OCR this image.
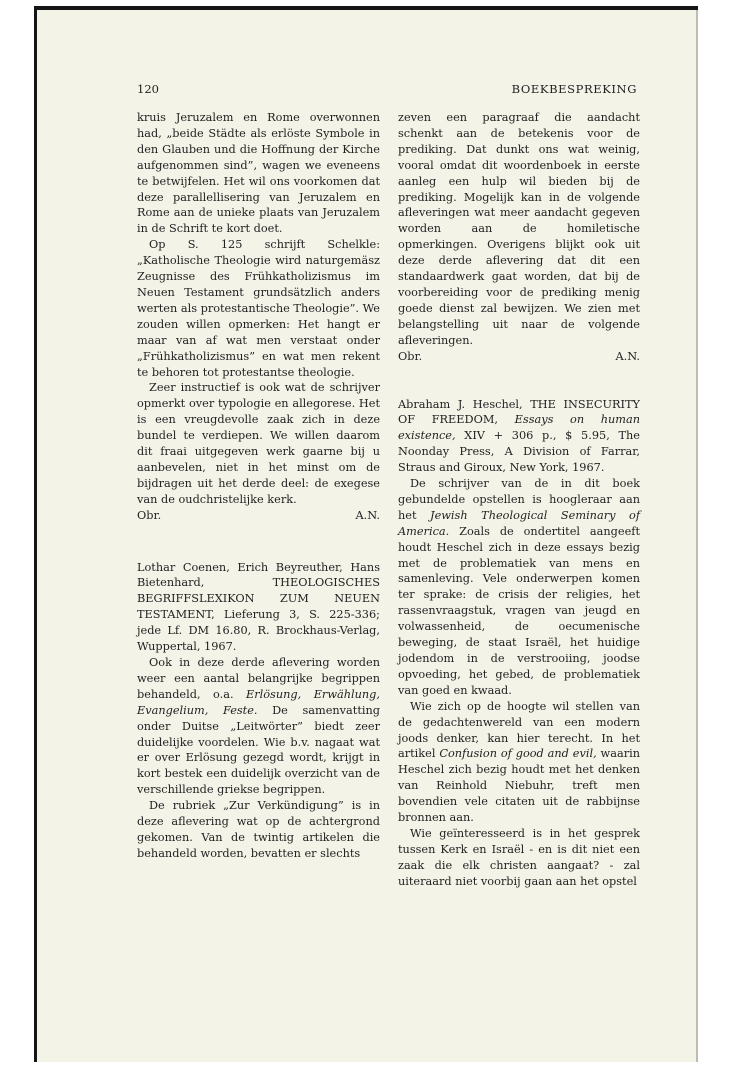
120	BOEKBESPREKING

kruis Jeruzalem en Rome overwonnen had, „beide Städte als erlöste Symbole in den Glauben und die Hoffnung der Kirche aufgenommen sind”, wagen we eveneens te betwijfelen. Het wil ons voorkomen dat deze parallellisering van Jeruzalem en Rome aan de unieke plaats van Jeruzalem in de Schrift te kort doet.

Op S. 125 schrijft Schelkle: „Katholische Theologie wird naturgemäsz Zeugnisse des Frühkatholizismus im Neuen Testament grundsätzlich anders werten als protestantische Theologie”. We zouden willen opmerken: Het hangt er maar van af wat men verstaat onder „Frühkatholizismus” en wat men rekent te behoren tot protestantse theologie.

Zeer instructief is ook wat de schrijver opmerkt over typologie en allegorese. Het is een vreugdevolle zaak zich in deze bundel te verdiepen. We willen daarom dit fraai uitgegeven werk gaarne bij u aanbevelen, niet in het minst om de bijdragen uit het derde deel: de exegese van de oudchristelijke kerk.

Obr.	A.N.

Lothar Coenen, Erich Beyreuther, Hans Bietenhard, THEOLOGISCHES BEGRIFFSLEXIKON ZUM NEUEN TESTAMENT, Lieferung 3, S. 225-336; jede Lf. DM 16.80, R. Brockhaus-Verlag, Wuppertal, 1967.

Ook in deze derde aflevering worden weer een aantal belangrijke begrippen behandeld, o.a. Erlösung, Erwählung, Evangelium, Feste. De samenvatting onder Duitse „Leitwörter” biedt zeer duidelijke voordelen. Wie b.v. nagaat wat er over Erlösung gezegd wordt, krijgt in kort bestek een duidelijk overzicht van de verschillende griekse begrippen.

De rubriek „Zur Verkündigung” is in deze aflevering wat op de achtergrond gekomen. Van de twintig artikelen die behandeld worden, bevatten er slechts

zeven een paragraaf die aandacht schenkt aan de betekenis voor de prediking. Dat dunkt ons wat weinig, vooral omdat dit woordenboek in eerste aanleg een hulp wil bieden bij de prediking. Mogelijk kan in de volgende afleveringen wat meer aandacht gegeven worden aan de homiletische opmerkingen. Overigens blijkt ook uit deze derde aflevering dat dit een standaardwerk gaat worden, dat bij de voorbereiding voor de prediking menig goede dienst zal bewijzen. We zien met belangstelling uit naar de volgende afleveringen.

Obr.	A.N.

Abraham J. Heschel, THE INSECURITY OF FREEDOM, Essays on human existence, XIV + 306 p., $ 5.95, The Noonday Press, A Division of Farrar, Straus and Giroux, New York, 1967.

De schrijver van de in dit boek gebundelde opstellen is hoogleraar aan het Jewish Theological Seminary of America. Zoals de ondertitel aangeeft houdt Heschel zich in deze essays bezig met de problematiek van mens en samenleving. Vele onderwerpen komen ter sprake: de crisis der religies, het rassenvraagstuk, vragen van jeugd en volwassenheid, de oecumenische beweging, de staat Israël, het huidige jodendom in de verstrooiing, joodse opvoeding, het gebed, de problematiek van goed en kwaad.

Wie zich op de hoogte wil stellen van de gedachtenwereld van een modern joods denker, kan hier terecht. In het artikel Confusion of good and evil, waarin Heschel zich bezig houdt met het denken van Reinhold Niebuhr, treft men bovendien vele citaten uit de rabbijnse bronnen aan.

Wie geïnteresseerd is in het gesprek tussen Kerk en Israël - en is dit niet een zaak die elk christen aangaat? - zal uiteraard niet voorbij gaan aan het opstel
